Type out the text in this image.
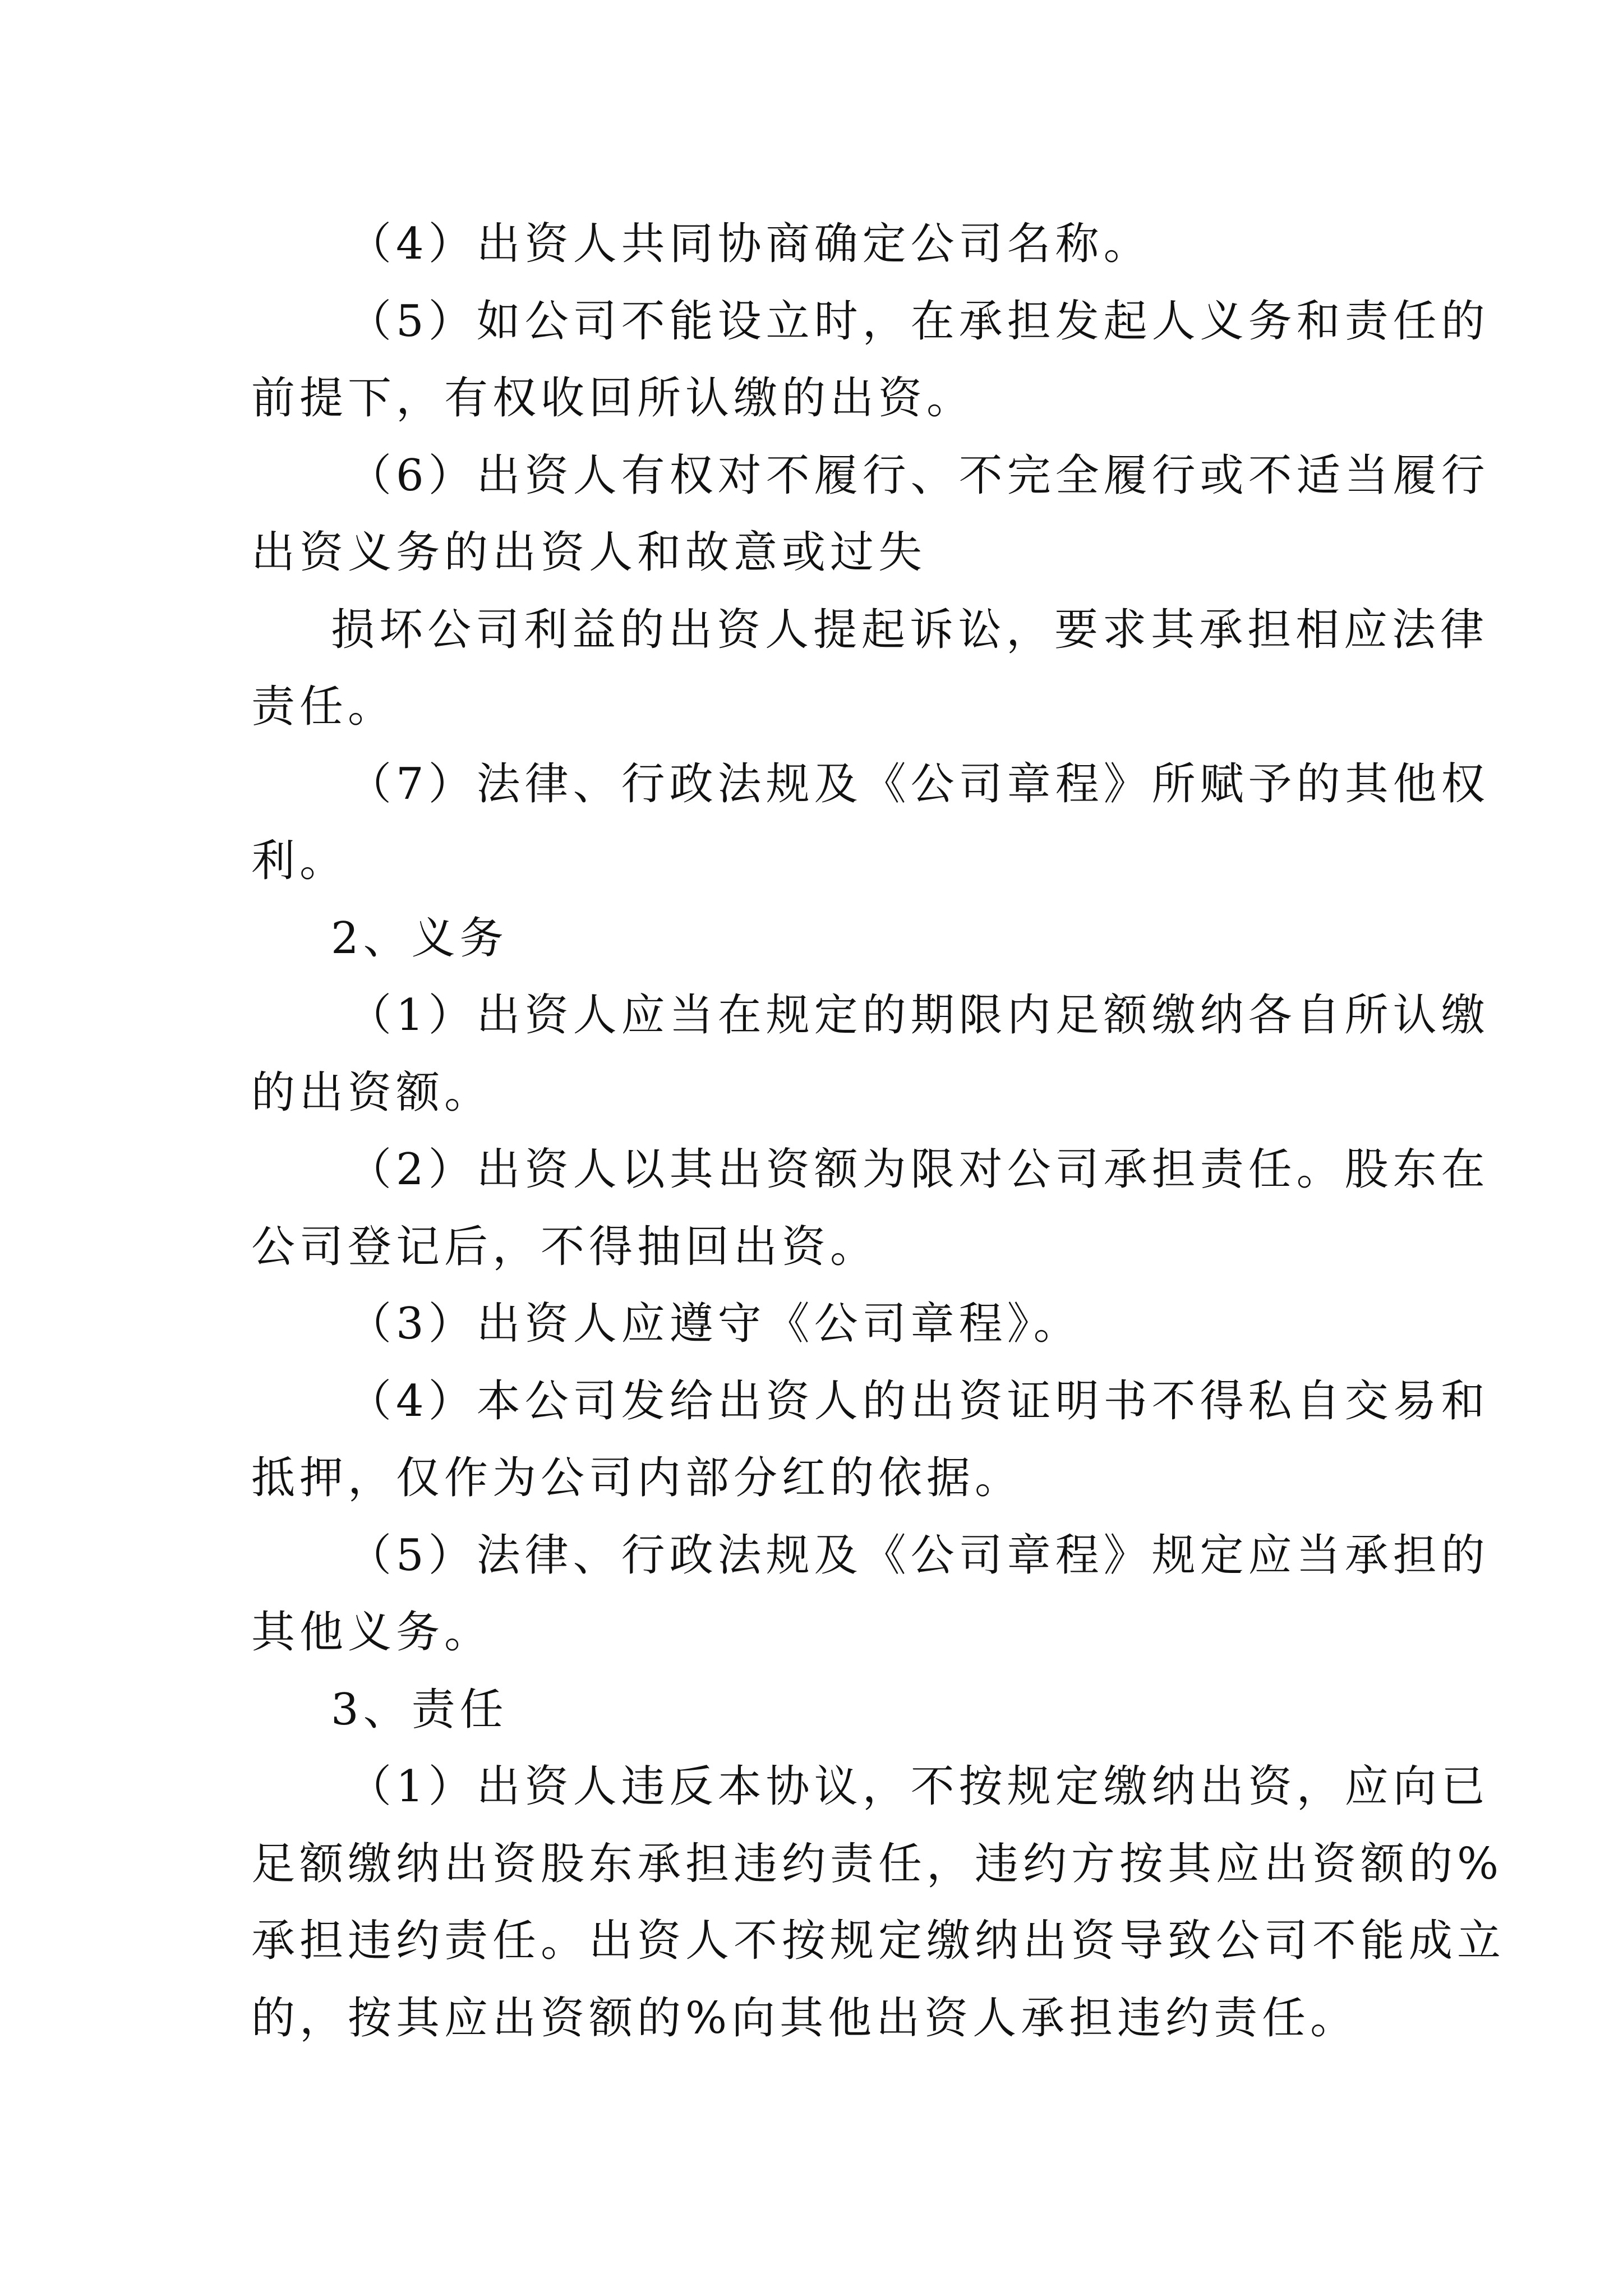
（4）出资人共同协商确定公司名称。
（5）如公司不能设立时，在承担发起人义务和责任的
前提下，有权收回所认缴的出资。
（6）出资人有权对不履行、不完全履行或不适当履行
出资义务的出资人和故意或过失
损坏公司利益的出资人提起诉讼，要求其承担相应法律
责任。
（7）法律、行政法规及《公司章程》所赋予的其他权
利。
2、义务
（1）出资人应当在规定的期限内足额缴纳各自所认缴
的出资额。
（2）出资人以其出资额为限对公司承担责任。股东在
公司登记后，不得抽回出资。
（3）出资人应遵守《公司章程》。
（4）本公司发给出资人的出资证明书不得私自交易和
抵押，仅作为公司内部分红的依据。
（5）法律、行政法规及《公司章程》规定应当承担的
其他义务。
3、责任
（1）出资人违反本协议，不按规定缴纳出资，应向已
足额缴纳出资股东承担违约责任，违约方按其应出资额的%
承担违约责任。出资人不按规定缴纳出资导致公司不能成立
的，按其应出资额的%向其他出资人承担违约责任。
